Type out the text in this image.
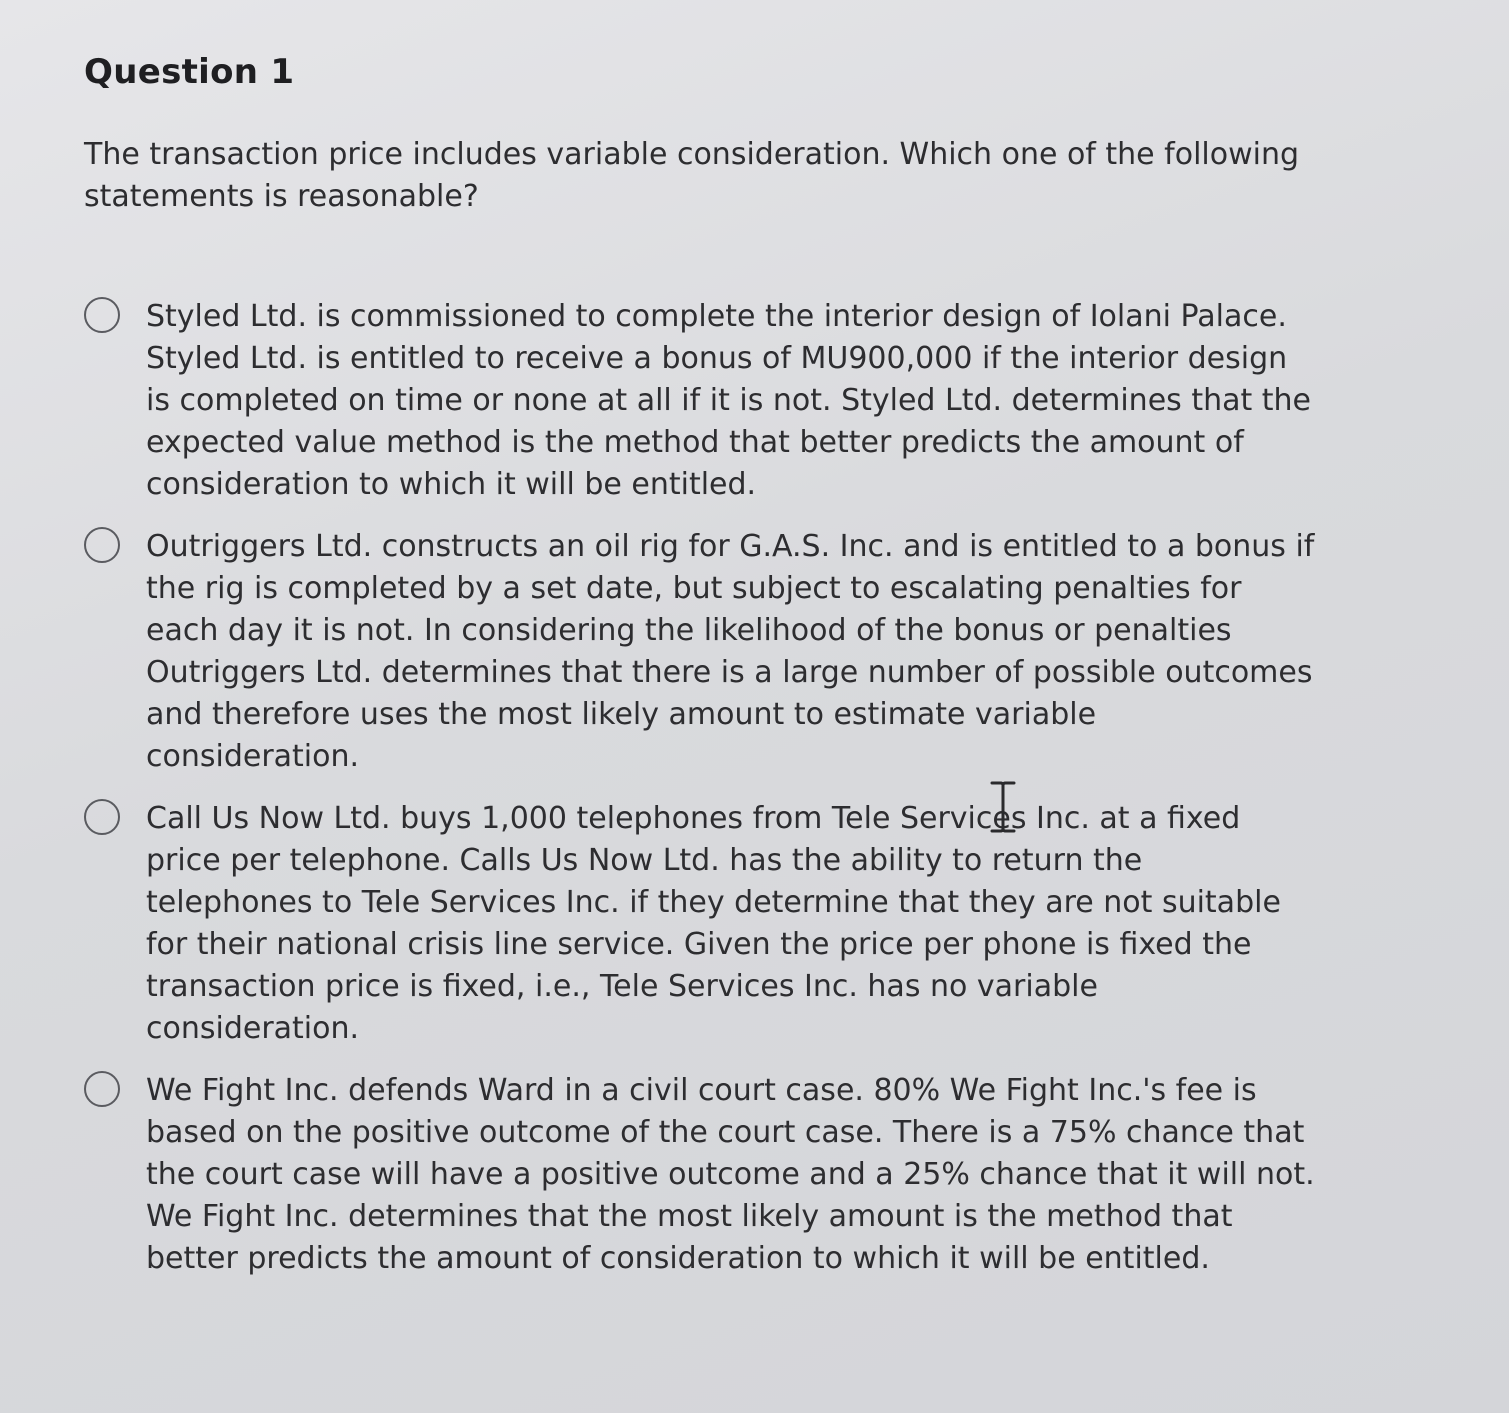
Question 1

The transaction price includes variable consideration. Which one of the following statements is reasonable?

Styled Ltd. is commissioned to complete the interior design of Iolani Palace. Styled Ltd. is entitled to receive a bonus of MU900,000 if the interior design is completed on time or none at all if it is not. Styled Ltd. determines that the expected value method is the method that better predicts the amount of consideration to which it will be entitled.
Outriggers Ltd. constructs an oil rig for G.A.S. Inc. and is entitled to a bonus if the rig is completed by a set date, but subject to escalating penalties for each day it is not. In considering the likelihood of the bonus or penalties Outriggers Ltd. determines that there is a large number of possible outcomes and therefore uses the most likely amount to estimate variable consideration.
Call Us Now Ltd. buys 1,000 telephones from Tele Services Inc. at a fixed price per telephone. Calls Us Now Ltd. has the ability to return the telephones to Tele Services Inc. if they determine that they are not suitable for their national crisis line service. Given the price per phone is fixed the transaction price is fixed, i.e., Tele Services Inc. has no variable consideration.
We Fight Inc. defends Ward in a civil court case. 80% We Fight Inc.'s fee is based on the positive outcome of the court case. There is a 75% chance that the court case will have a positive outcome and a 25% chance that it will not. We Fight Inc. determines that the most likely amount is the method that better predicts the amount of consideration to which it will be entitled.
